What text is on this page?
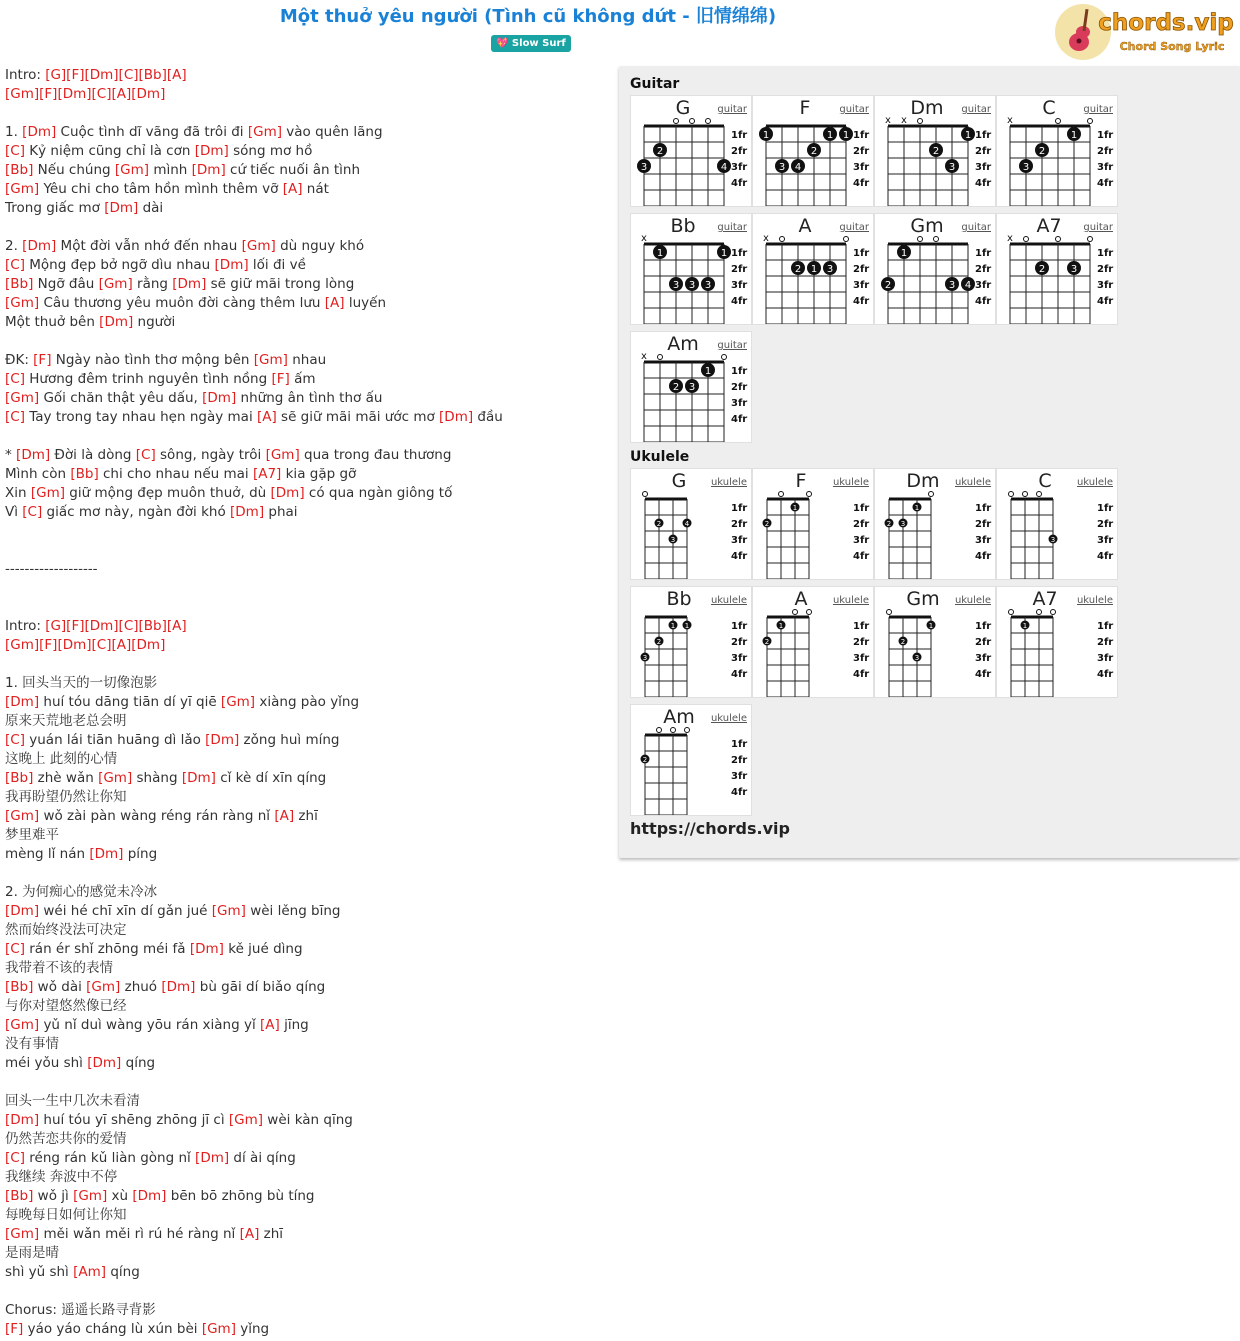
Một thuở yêu người (Tình cũ không dứt - 旧情绵绵)
💖 Slow Surf
chords.vip
Chord Song Lyric
Intro: [G][F][Dm][C][Bb][A]
[Gm][F][Dm][C][A][Dm]
1. [Dm] Cuộc tình dĩ vãng đã trôi đi [Gm] vào quên lãng
[C] Kỷ niệm cũng chỉ là cơn [Dm] sóng mơ hồ
[Bb] Nếu chúng [Gm] mình [Dm] cứ tiếc nuối ân tình
[Gm] Yêu chi cho tâm hồn mình thêm vỡ [A] nát
Trong giấc mơ [Dm] dài
2. [Dm] Một đời vẫn nhớ đến nhau [Gm] dù nguy khó
[C] Mộng đẹp bở ngỡ dìu nhau [Dm] lối đi về
[Bb] Ngỡ đâu [Gm] rằng [Dm] sẽ giữ mãi trong lòng
[Gm] Câu thương yêu muôn đời càng thêm lưu [A] luyến
Một thuở bên [Dm] người
ĐK: [F] Ngày nào tình thơ mộng bên [Gm] nhau
[C] Hương đêm trinh nguyên tình nồng [F] ấm
[Gm] Gối chăn thật yêu dấu, [Dm] những ân tình thơ ấu
[C] Tay trong tay nhau hẹn ngày mai [A] sẽ giữ mãi mãi ước mơ [Dm] đầu
* [Dm] Đời là dòng [C] sông, ngày trôi [Gm] qua trong đau thương
Mình còn [Bb] chi cho nhau nếu mai [A7] kia gặp gỡ
Xin [Gm] giữ mộng đẹp muôn thuở, dù [Dm] có qua ngàn giông tố
Vì [C] giấc mơ này, ngàn đời khó [Dm] phai
-------------------
Intro: [G][F][Dm][C][Bb][A]
[Gm][F][Dm][C][A][Dm]
1. 回头当天的一切像泡影
[Dm] huí tóu dāng tiān dí yī qiē [Gm] xiàng pào yǐng
原来天荒地老总会明
[C] yuán lái tiān huāng dì lǎo [Dm] zǒng huì míng
这晚上 此刻的心情
[Bb] zhè wǎn [Gm] shàng [Dm] cǐ kè dí xīn qíng
我再盼望仍然让你知
[Gm] wǒ zài pàn wàng réng rán ràng nǐ [A] zhī
梦里难平
mèng lǐ nán [Dm] píng
2. 为何痴心的感觉未冷冰
[Dm] wéi hé chī xīn dí gǎn jué [Gm] wèi lěng bīng
然而始终没法可决定
[C] rán ér shǐ zhōng méi fǎ [Dm] kě jué dìng
我带着不该的表情
[Bb] wǒ dài [Gm] zhuó [Dm] bù gāi dí biǎo qíng
与你对望悠然像已经
[Gm] yǔ nǐ duì wàng yōu rán xiàng yǐ [A] jīng
没有事情
méi yǒu shì [Dm] qíng
回头一生中几次未看清
[Dm] huí tóu yī shēng zhōng jī cì [Gm] wèi kàn qīng
仍然苦恋共你的爱情
[C] réng rán kǔ liàn gòng nǐ [Dm] dí ài qíng
我继续 奔波中不停
[Bb] wǒ jì [Gm] xù [Dm] bēn bō zhōng bù tíng
每晚每日如何让你知
[Gm] měi wǎn měi rì rú hé ràng nǐ [A] zhī
是雨是晴
shì yǔ shì [Am] qíng
Chorus: 遥遥长路寻背影
[F] yáo yáo cháng lù xún bèi [Gm] yǐng
Guitar
Ukulele
https://chords.vip
G	guitar
1fr
2fr
3fr
4fr
3
2
4
F	guitar
1fr
2fr
3fr
4fr
1
3 4
2
1 1
Dm guitar
1fr
2fr
3fr
4fr
x x
2
3
1
C	guitar
1fr
2fr
3fr
4fr
x
3
2
1
Bb guitar
1fr
2fr
3fr
4fr
x
1
3 3 3
1
A	guitar
1fr
2fr
3fr
4fr
x
2 1 3
Gm guitar
1fr
2fr
3fr
4fr
2
1
3 4
A7 guitar
1fr
2fr
3fr
4fr
x
2	3
Am guitar
1fr
2fr
3fr
4fr
x
2 3
1
G ukulele
1fr
2fr
3fr
4fr
2
3
4
F	ukulele
1fr
2fr
3fr
4fr
2
1
Dm ukulele
1fr
2fr
3fr
4fr
2 3
1
C	ukulele
1fr
2fr
3fr
4fr
3
Bb ukulele
1fr
2fr
3fr
4fr
3
2
1 1
A	ukulele
1fr
2fr
3fr
4fr
2
1
Gm ukulele
1fr
2fr
3fr
4fr
2
3
1
A7 ukulele
1fr
2fr
3fr
4fr
1
Am ukulele
1fr
2fr
3fr
4fr
2
